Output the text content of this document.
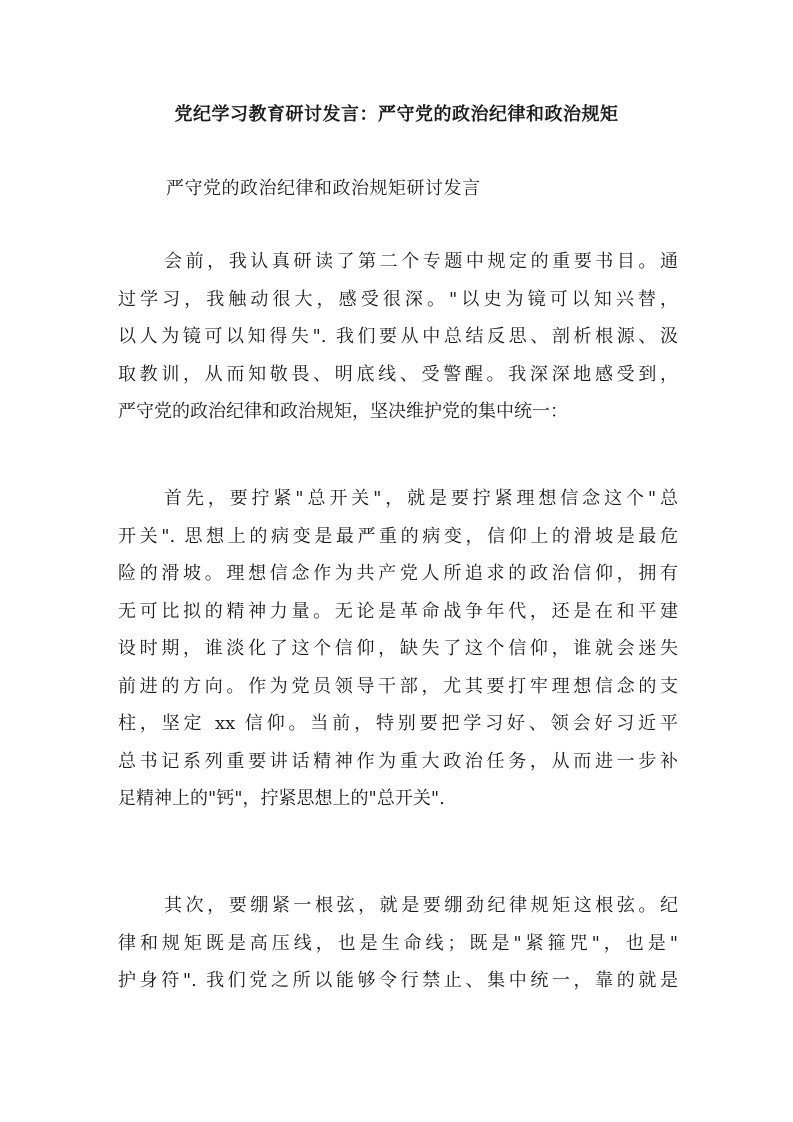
党纪学习教育研讨发言：严守党的政治纪律和政治规矩
严守党的政治纪律和政治规矩研讨发言
会前，我认真研读了第二个专题中规定的重要书目。通
过学习，我触动很大，感受很深。"以史为镜可以知兴替，
以人为镜可以知得失". 我们要从中总结反思、剖析根源、汲
取教训，从而知敬畏、明底线、受警醒。我深深地感受到，
严守党的政治纪律和政治规矩，坚决维护党的集中统一：
首先，要拧紧"总开关"，就是要拧紧理想信念这个"总
开关". 思想上的病变是最严重的病变，信仰上的滑坡是最危
险的滑坡。理想信念作为共产党人所追求的政治信仰，拥有
无可比拟的精神力量。无论是革命战争年代，还是在和平建
设时期，谁淡化了这个信仰，缺失了这个信仰，谁就会迷失
前进的方向。作为党员领导干部，尤其要打牢理想信念的支
柱，坚定 xx 信仰。当前，特别要把学习好、领会好习近平
总书记系列重要讲话精神作为重大政治任务，从而进一步补
足精神上的"钙"，拧紧思想上的"总开关".
其次，要绷紧一根弦，就是要绷劲纪律规矩这根弦。纪
律和规矩既是高压线，也是生命线；既是"紧箍咒"，也是"
护身符". 我们党之所以能够令行禁止、集中统一，靠的就是
